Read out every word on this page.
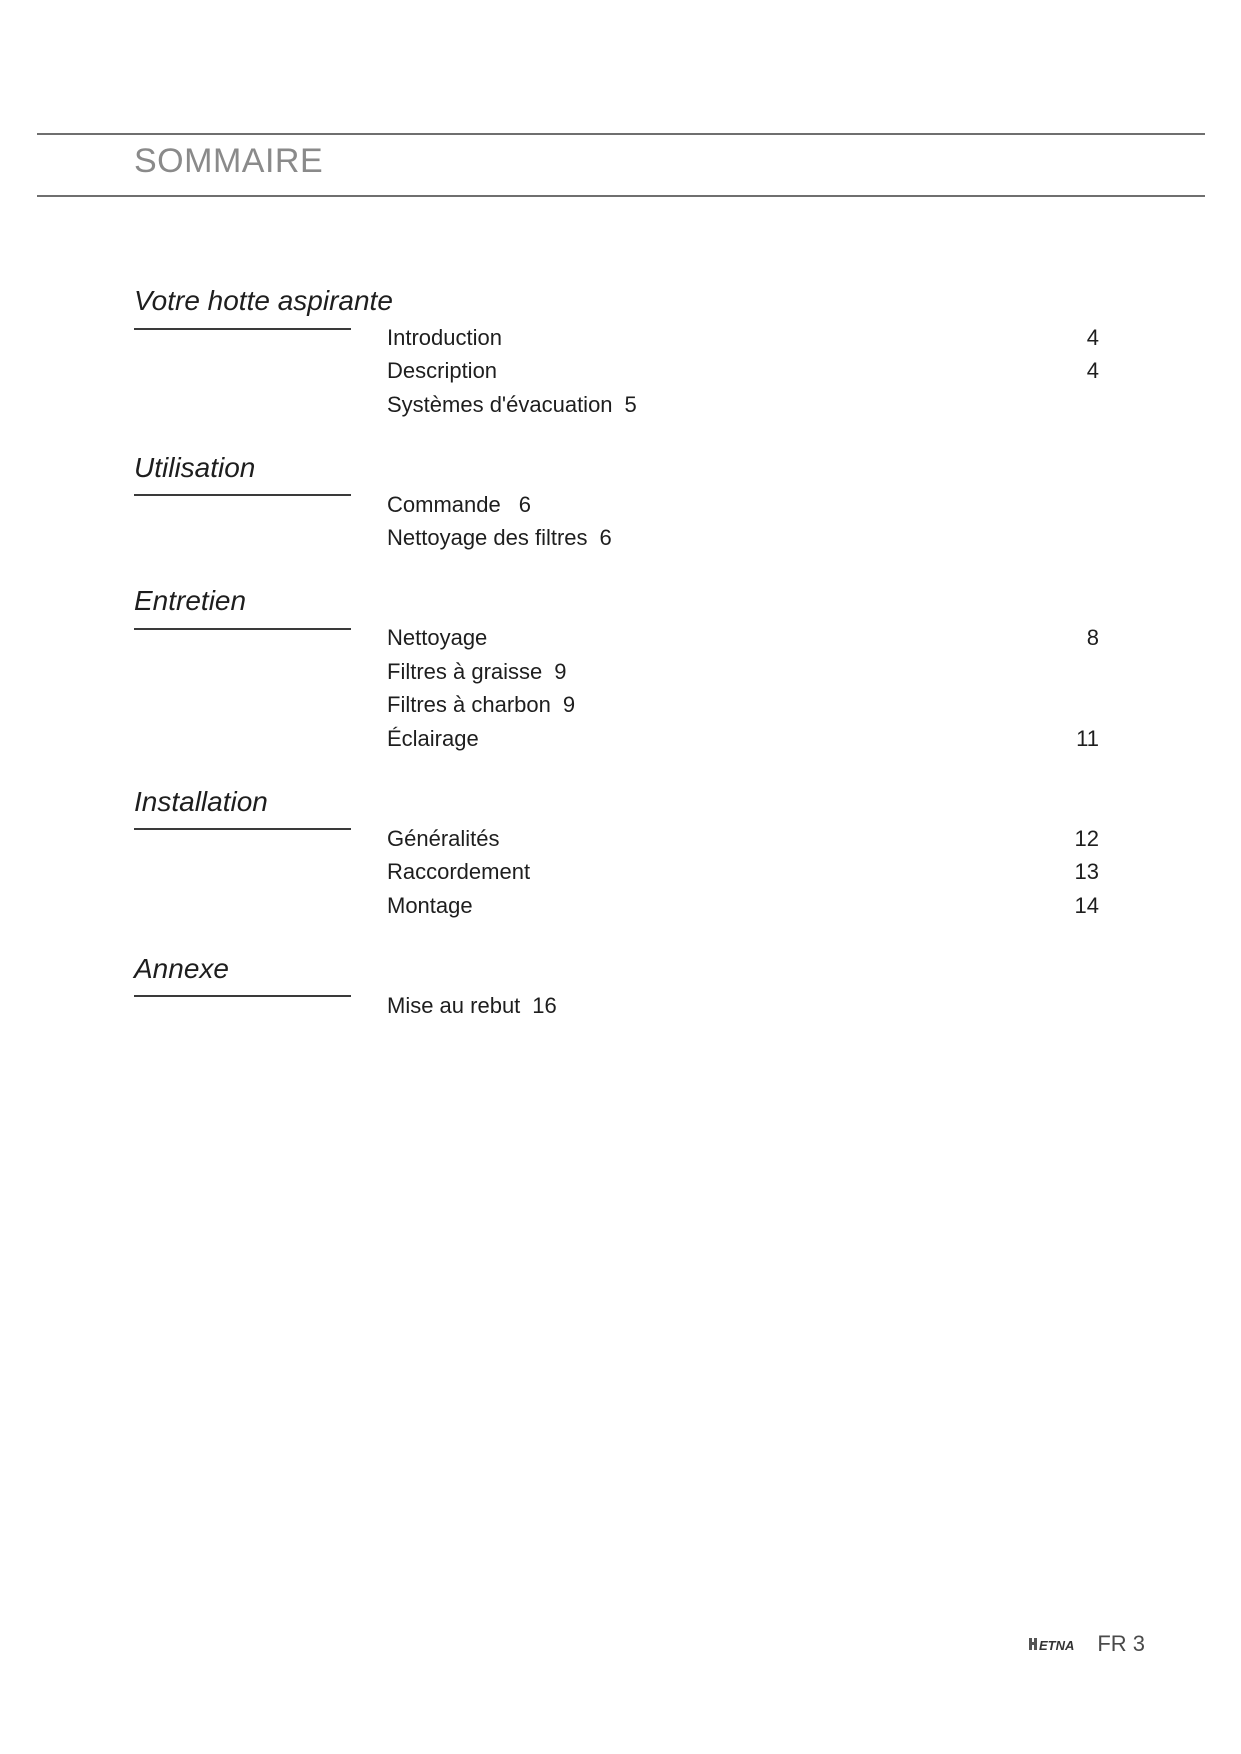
SOMMAIRE
Votre hotte aspirante
Introduction	4
Description	4
Systèmes d'évacuation 5
Utilisation
Commande 6
Nettoyage des filtres 6
Entretien
Nettoyage	8
Filtres à graisse 9
Filtres à charbon 9
Éclairage	11
Installation
Généralités	12
Raccordement	13
Montage	14
Annexe
Mise au rebut 16
ETNA FR 3
